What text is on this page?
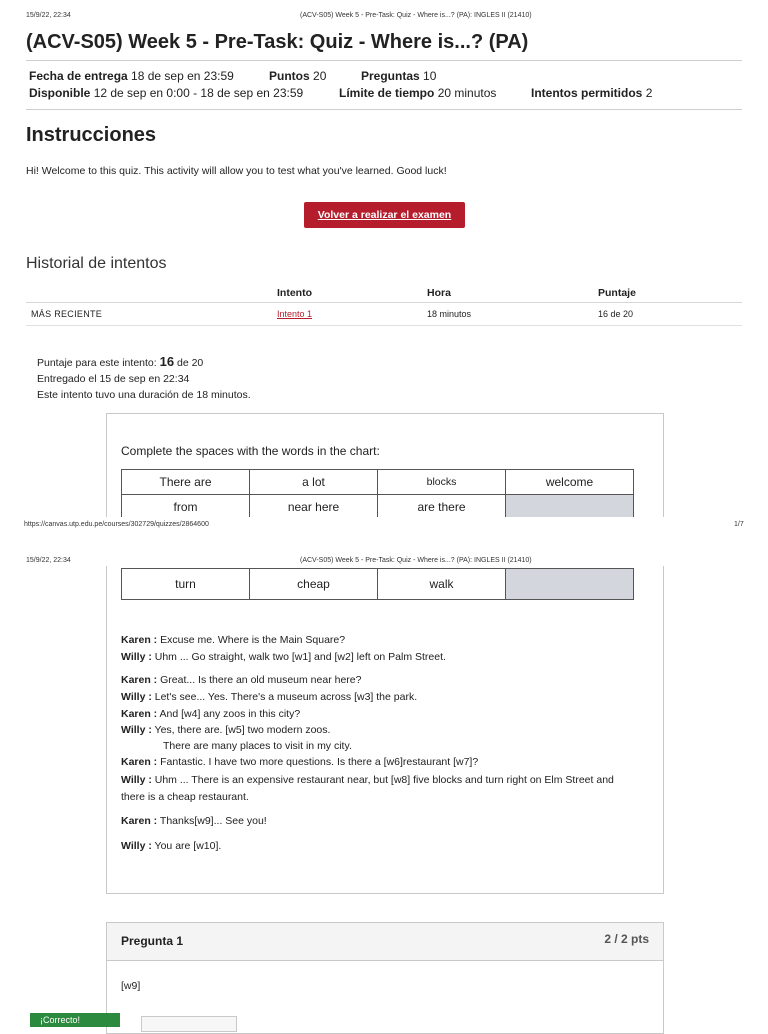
15/9/22, 22:34	(ACV-S05) Week 5 - Pre-Task: Quiz - Where is...? (PA): INGLES II (21410)
(ACV-S05) Week 5 - Pre-Task: Quiz - Where is...? (PA)
Fecha de entrega 18 de sep en 23:59	Puntos 20	Preguntas 10
Disponible 12 de sep en 0:00 - 18 de sep en 23:59	Límite de tiempo 20 minutos	Intentos permitidos 2
Instrucciones
Hi! Welcome to this quiz. This activity will allow you to test what you've learned. Good luck!
Volver a realizar el examen
Historial de intentos
Intento	Hora	Puntaje
MÁS RECIENTE	Intento 1	18 minutos	16 de 20
Puntaje para este intento: 16 de 20
Entregado el 15 de sep en 22:34
Este intento tuvo una duración de 18 minutos.
Complete the spaces with the words in the chart:
There are	a lot	blocks	welcome
from	near here	are there	
https://canvas.utp.edu.pe/courses/302729/quizzes/2864600	1/7
15/9/22, 22:34	(ACV-S05) Week 5 - Pre-Task: Quiz - Where is...? (PA): INGLES II (21410)
turn	cheap	walk	
Karen : Excuse me. Where is the Main Square?
Willy : Uhm ... Go straight, walk two [w1] and [w2] left on Palm Street.
Karen : Great... Is there an old museum near here?
Willy : Let's see... Yes. There's a museum across [w3] the park.
Karen : And [w4] any zoos in this city?
Willy : Yes, there are. [w5] two modern zoos.
There are many places to visit in my city.
Karen : Fantastic. I have two more questions. Is there a [w6]restaurant [w7]?
Willy : Uhm ... There is an expensive restaurant near, but [w8] five blocks and turn right on Elm Street and
there is a cheap restaurant.
Karen : Thanks[w9]... See you!
Willy : You are [w10].
Pregunta 1	2 / 2 pts
[w9]
¡Correcto!
